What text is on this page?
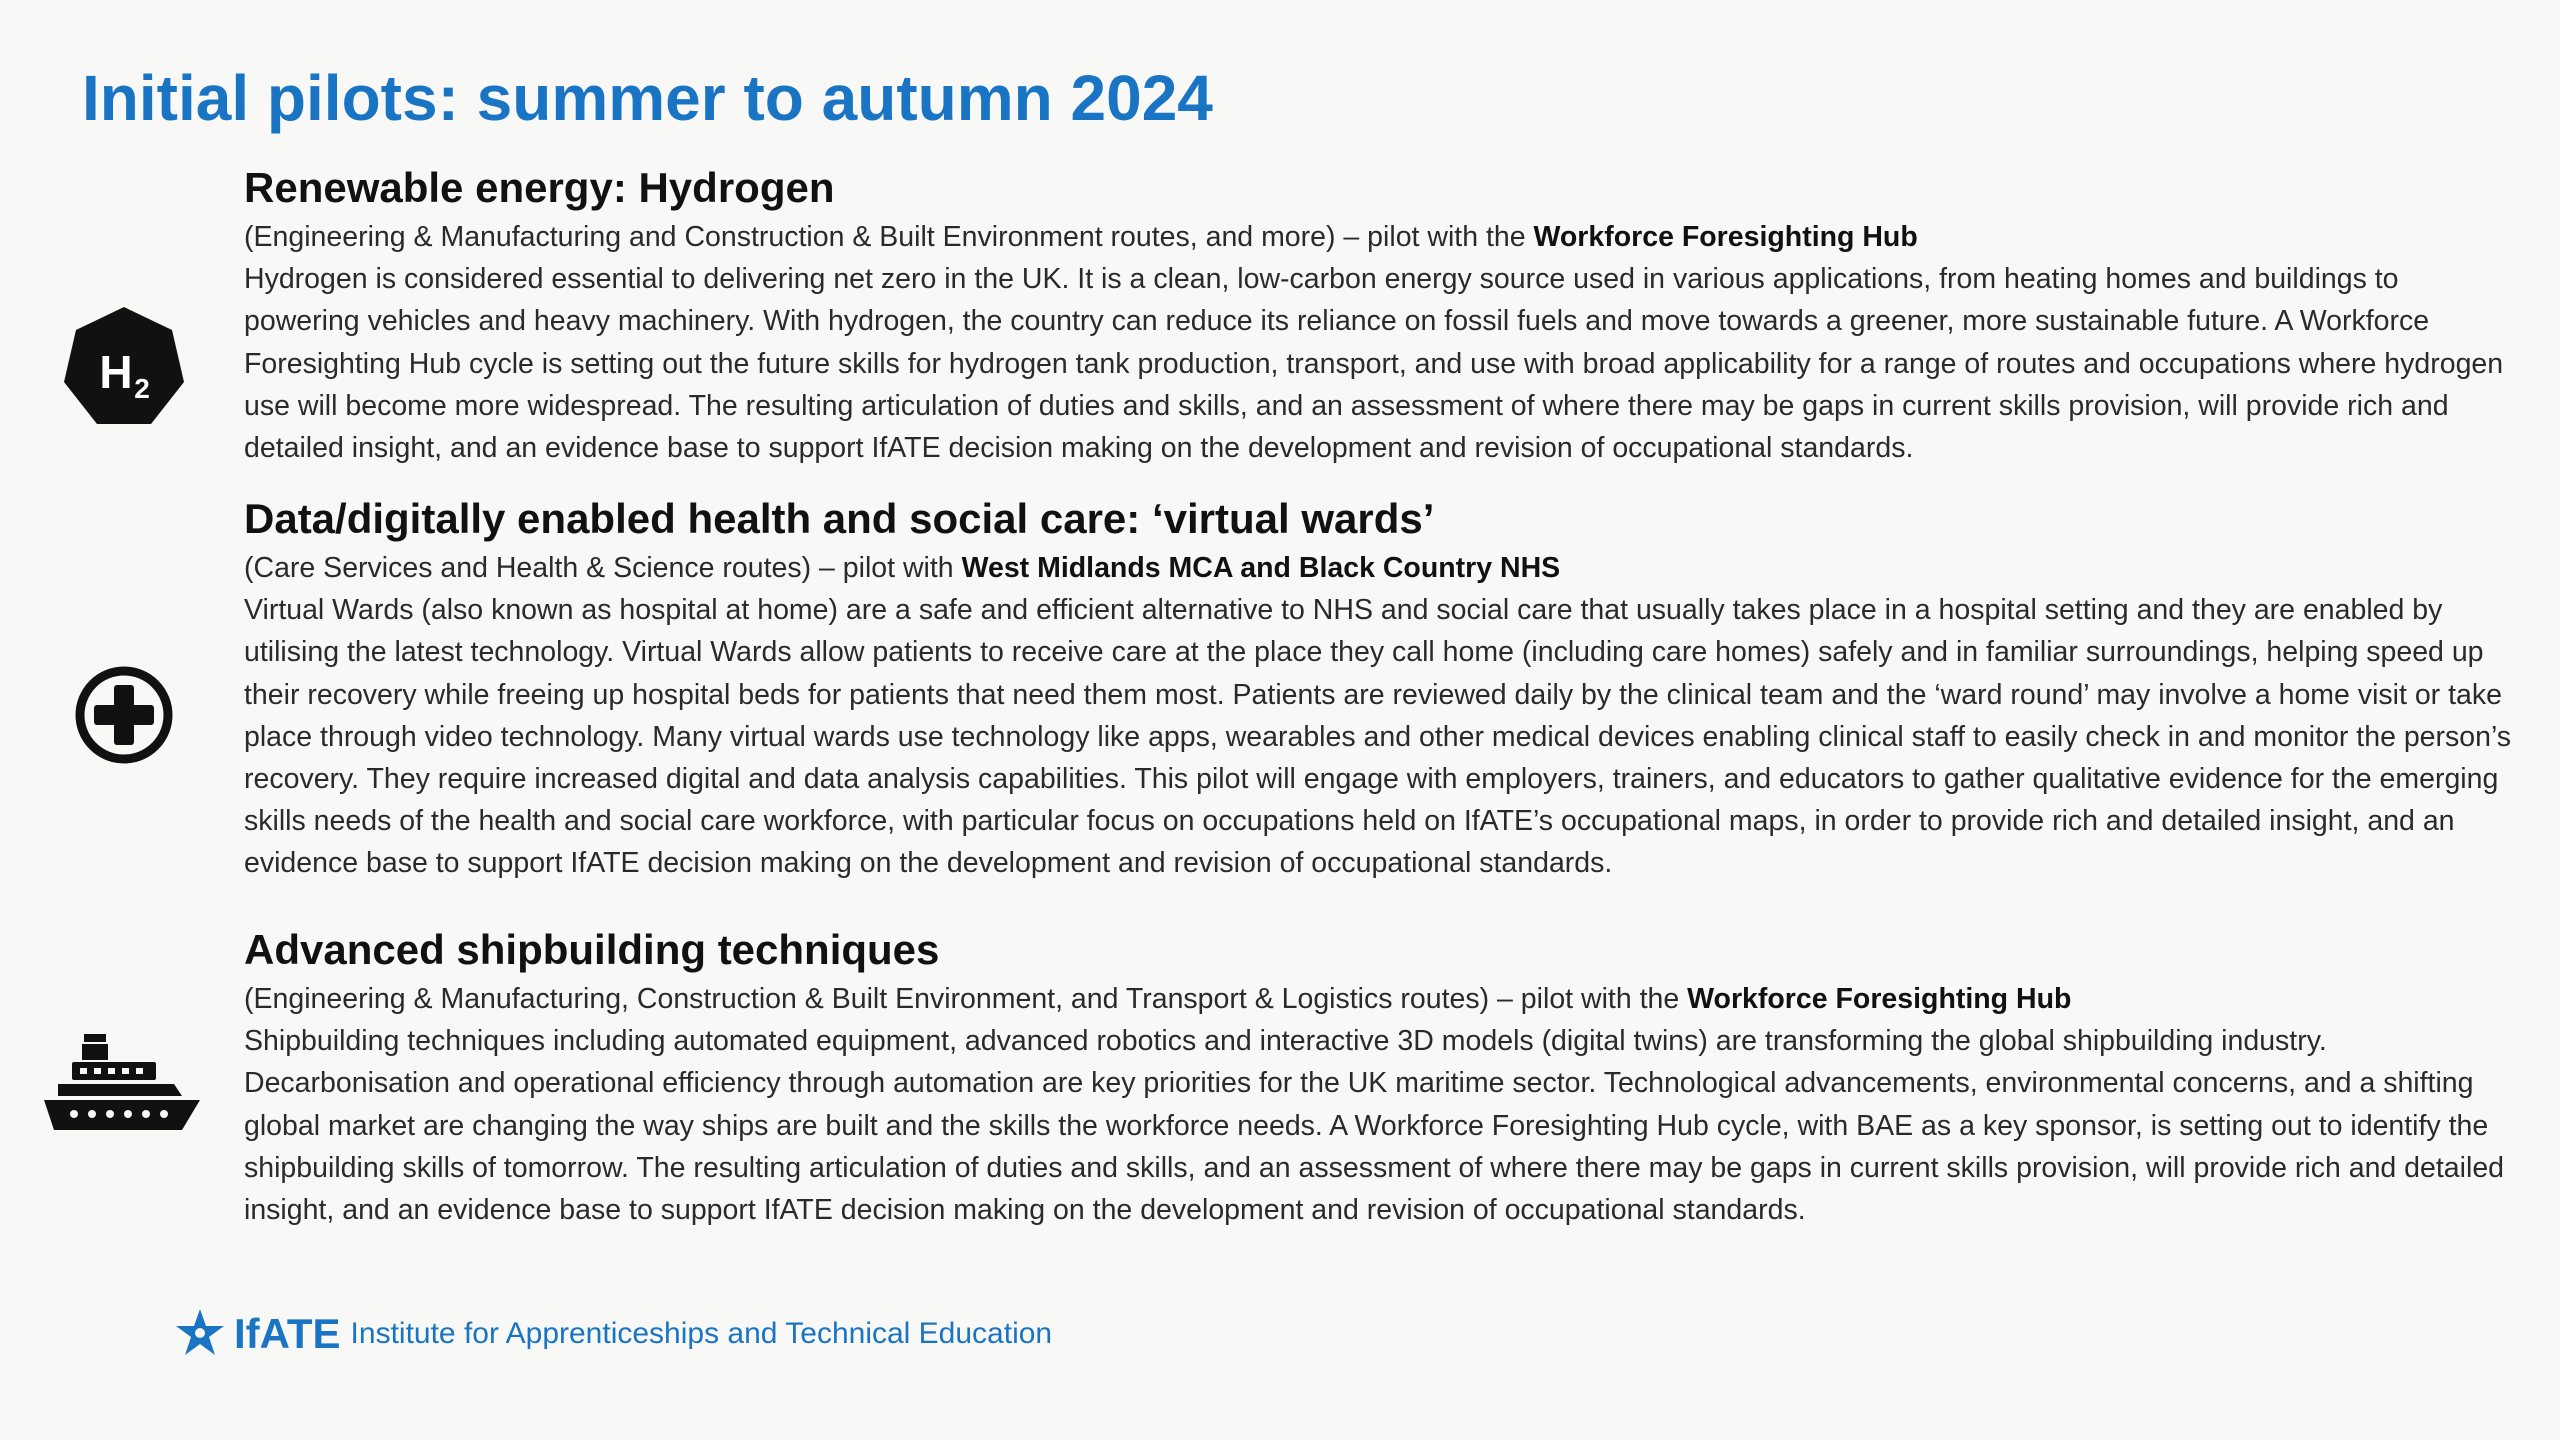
Initial pilots: summer to autumn 2024
H 2
Renewable energy: Hydrogen

(Engineering & Manufacturing and Construction & Built Environment routes, and more) – pilot with the Workforce Foresighting Hub

Hydrogen is considered essential to delivering net zero in the UK. It is a clean, low-carbon energy source used in various applications, from heating homes and buildings to powering vehicles and heavy machinery. With hydrogen, the country can reduce its reliance on fossil fuels and move towards a greener, more sustainable future. A Workforce Foresighting Hub cycle is setting out the future skills for hydrogen tank production, transport, and use with broad applicability for a range of routes and occupations where hydrogen use will become more widespread. The resulting articulation of duties and skills, and an assessment of where there may be gaps in current skills provision, will provide rich and detailed insight, and an evidence base to support IfATE decision making on the development and revision of occupational standards.

Data/digitally enabled health and social care: ‘virtual wards’

(Care Services and Health & Science routes) – pilot with West Midlands MCA and Black Country NHS

Virtual Wards (also known as hospital at home) are a safe and efficient alternative to NHS and social care that usually takes place in a hospital setting and they are enabled by utilising the latest technology. Virtual Wards allow patients to receive care at the place they call home (including care homes) safely and in familiar surroundings, helping speed up their recovery while freeing up hospital beds for patients that need them most. Patients are reviewed daily by the clinical team and the ‘ward round’ may involve a home visit or take place through video technology. Many virtual wards use technology like apps, wearables and other medical devices enabling clinical staff to easily check in and monitor the person’s recovery. They require increased digital and data analysis capabilities. This pilot will engage with employers, trainers, and educators to gather qualitative evidence for the emerging skills needs of the health and social care workforce, with particular focus on occupations held on IfATE’s occupational maps, in order to provide rich and detailed insight, and an evidence base to support IfATE decision making on the development and revision of occupational standards.

Advanced shipbuilding techniques

(Engineering & Manufacturing, Construction & Built Environment, and Transport & Logistics routes) – pilot with the Workforce Foresighting Hub

Shipbuilding techniques including automated equipment, advanced robotics and interactive 3D models (digital twins) are transforming the global shipbuilding industry. Decarbonisation and operational efficiency through automation are key priorities for the UK maritime sector. Technological advancements, environmental concerns, and a shifting global market are changing the way ships are built and the skills the workforce needs. A Workforce Foresighting Hub cycle, with BAE as a key sponsor, is setting out to identify the shipbuilding skills of tomorrow. The resulting articulation of duties and skills, and an assessment of where there may be gaps in current skills provision, will provide rich and detailed insight, and an evidence base to support IfATE decision making on the development and revision of occupational standards.

IfATE Institute for Apprenticeships and Technical Education
